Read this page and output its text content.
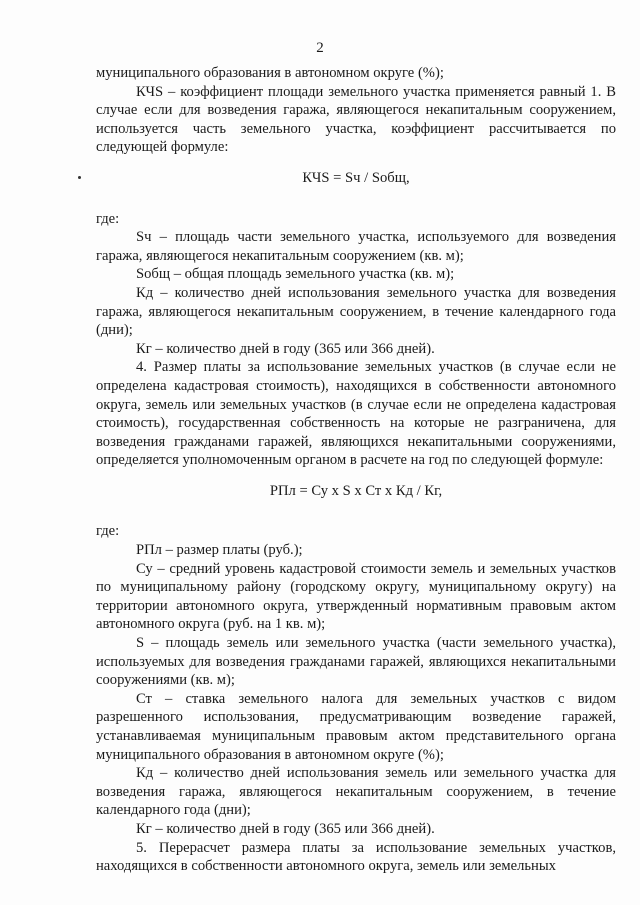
2

муниципального образования в автономном округе (%);

КЧS – коэффициент площади земельного участка применяется равный 1. В случае если для возведения гаража, являющегося некапитальным сооружением, используется часть земельного участка, коэффициент рассчитывается по следующей формуле:

КЧS = Sч / Sобщ,

где:

Sч – площадь части земельного участка, используемого для возведения гаража, являющегося некапитальным сооружением (кв. м);

Sобщ – общая площадь земельного участка (кв. м);

Кд – количество дней использования земельного участка для возведения гаража, являющегося некапитальным сооружением, в течение календарного года (дни);

Кг – количество дней в году (365 или 366 дней).

4. Размер платы за использование земельных участков (в случае если не определена кадастровая стоимость), находящихся в собственности автономного округа, земель или земельных участков (в случае если не определена кадастровая стоимость), государственная собственность на которые не разграничена, для возведения гражданами гаражей, являющихся некапитальными сооружениями, определяется уполномоченным органом в расчете на год по следующей формуле:

РПл = Су x S x Ст x Кд / Кг,

где:

РПл – размер платы (руб.);

Су – средний уровень кадастровой стоимости земель и земельных участков по муниципальному району (городскому округу, муниципальному округу) на территории автономного округа, утвержденный нормативным правовым актом автономного округа (руб. на 1 кв. м);

S – площадь земель или земельного участка (части земельного участка), используемых для возведения гражданами гаражей, являющихся некапитальными сооружениями (кв. м);

Ст – ставка земельного налога для земельных участков с видом разрешенного использования, предусматривающим возведение гаражей, устанавливаемая муниципальным правовым актом представительного органа муниципального образования в автономном округе (%);

Кд – количество дней использования земель или земельного участка для возведения гаража, являющегося некапитальным сооружением, в течение календарного года (дни);

Кг – количество дней в году (365 или 366 дней).

5. Перерасчет размера платы за использование земельных участков, находящихся в собственности автономного округа, земель или земельных
